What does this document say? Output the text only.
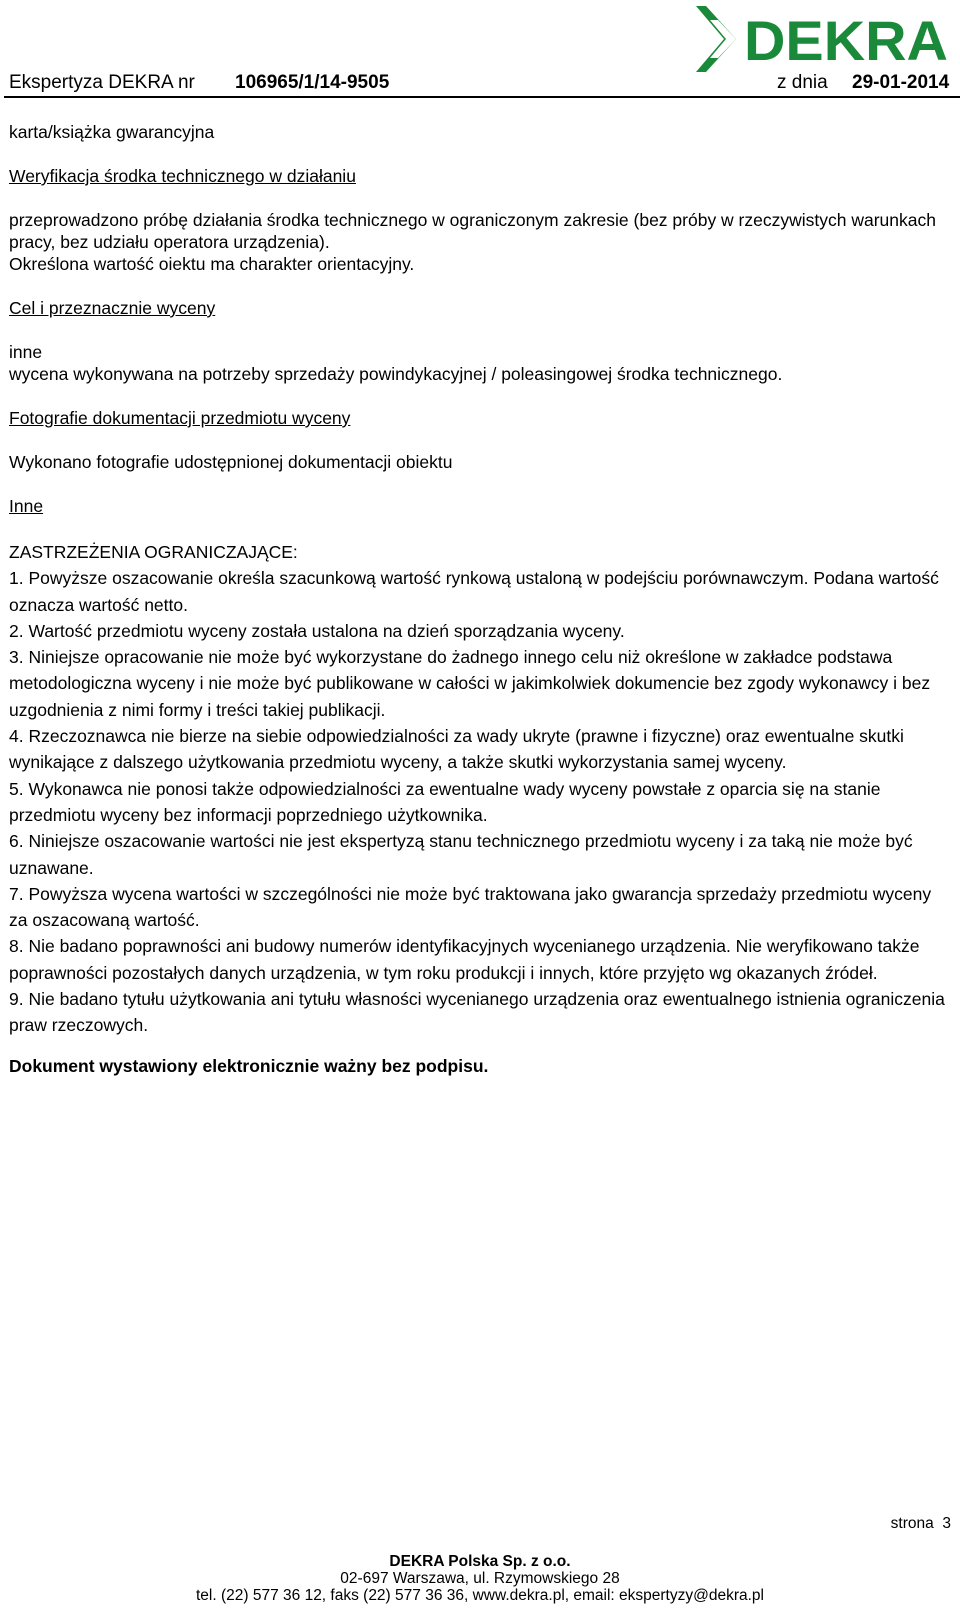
DEKRA
Ekspertyza DEKRA nr 106965/1/14-9505	z dnia 29-01-2014

karta/książka gwarancyjna

Weryfikacja środka technicznego w działaniu

przeprowadzono próbę działania środka technicznego w ograniczonym zakresie (bez próby w rzeczywistych warunkach pracy, bez udziału operatora urządzenia).

Określona wartość oiektu ma charakter orientacyjny.

Cel i przeznacznie wyceny

inne

wycena wykonywana na potrzeby sprzedaży powindykacyjnej / poleasingowej środka technicznego.

Fotografie dokumentacji przedmiotu wyceny

Wykonano fotografie udostępnionej dokumentacji obiektu

Inne

ZASTRZEŻENIA OGRANICZAJĄCE:

1. Powyższe oszacowanie określa szacunkową wartość rynkową ustaloną w podejściu porównawczym. Podana wartość oznacza wartość netto.

2. Wartość przedmiotu wyceny została ustalona na dzień sporządzania wyceny.

3. Niniejsze opracowanie nie może być wykorzystane do żadnego innego celu niż określone w zakładce podstawa metodologiczna wyceny i nie może być publikowane w całości w jakimkolwiek dokumencie bez zgody wykonawcy i bez uzgodnienia z nimi formy i treści takiej publikacji.

4. Rzeczoznawca nie bierze na siebie odpowiedzialności za wady ukryte (prawne i fizyczne) oraz ewentualne skutki wynikające z dalszego użytkowania przedmiotu wyceny, a także skutki wykorzystania samej wyceny.

5. Wykonawca nie ponosi także odpowiedzialności za ewentualne wady wyceny powstałe z oparcia się na stanie przedmiotu wyceny bez informacji poprzedniego użytkownika.

6. Niniejsze oszacowanie wartości nie jest ekspertyzą stanu technicznego przedmiotu wyceny i za taką nie może być uznawane.

7. Powyższa wycena wartości w szczególności nie może być traktowana jako gwarancja sprzedaży przedmiotu wyceny za oszacowaną wartość.

8. Nie badano poprawności ani budowy numerów identyfikacyjnych wycenianego urządzenia. Nie weryfikowano także poprawności pozostałych danych urządzenia, w tym roku produkcji i innych, które przyjęto wg okazanych źródeł.

9. Nie badano tytułu użytkowania ani tytułu własności wycenianego urządzenia oraz ewentualnego istnienia ograniczenia praw rzeczowych.

Dokument wystawiony elektronicznie ważny bez podpisu.

strona 3

DEKRA Polska Sp. z o.o.

02-697 Warszawa, ul. Rzymowskiego 28

tel. (22) 577 36 12, faks (22) 577 36 36, www.dekra.pl, email: ekspertyzy@dekra.pl
